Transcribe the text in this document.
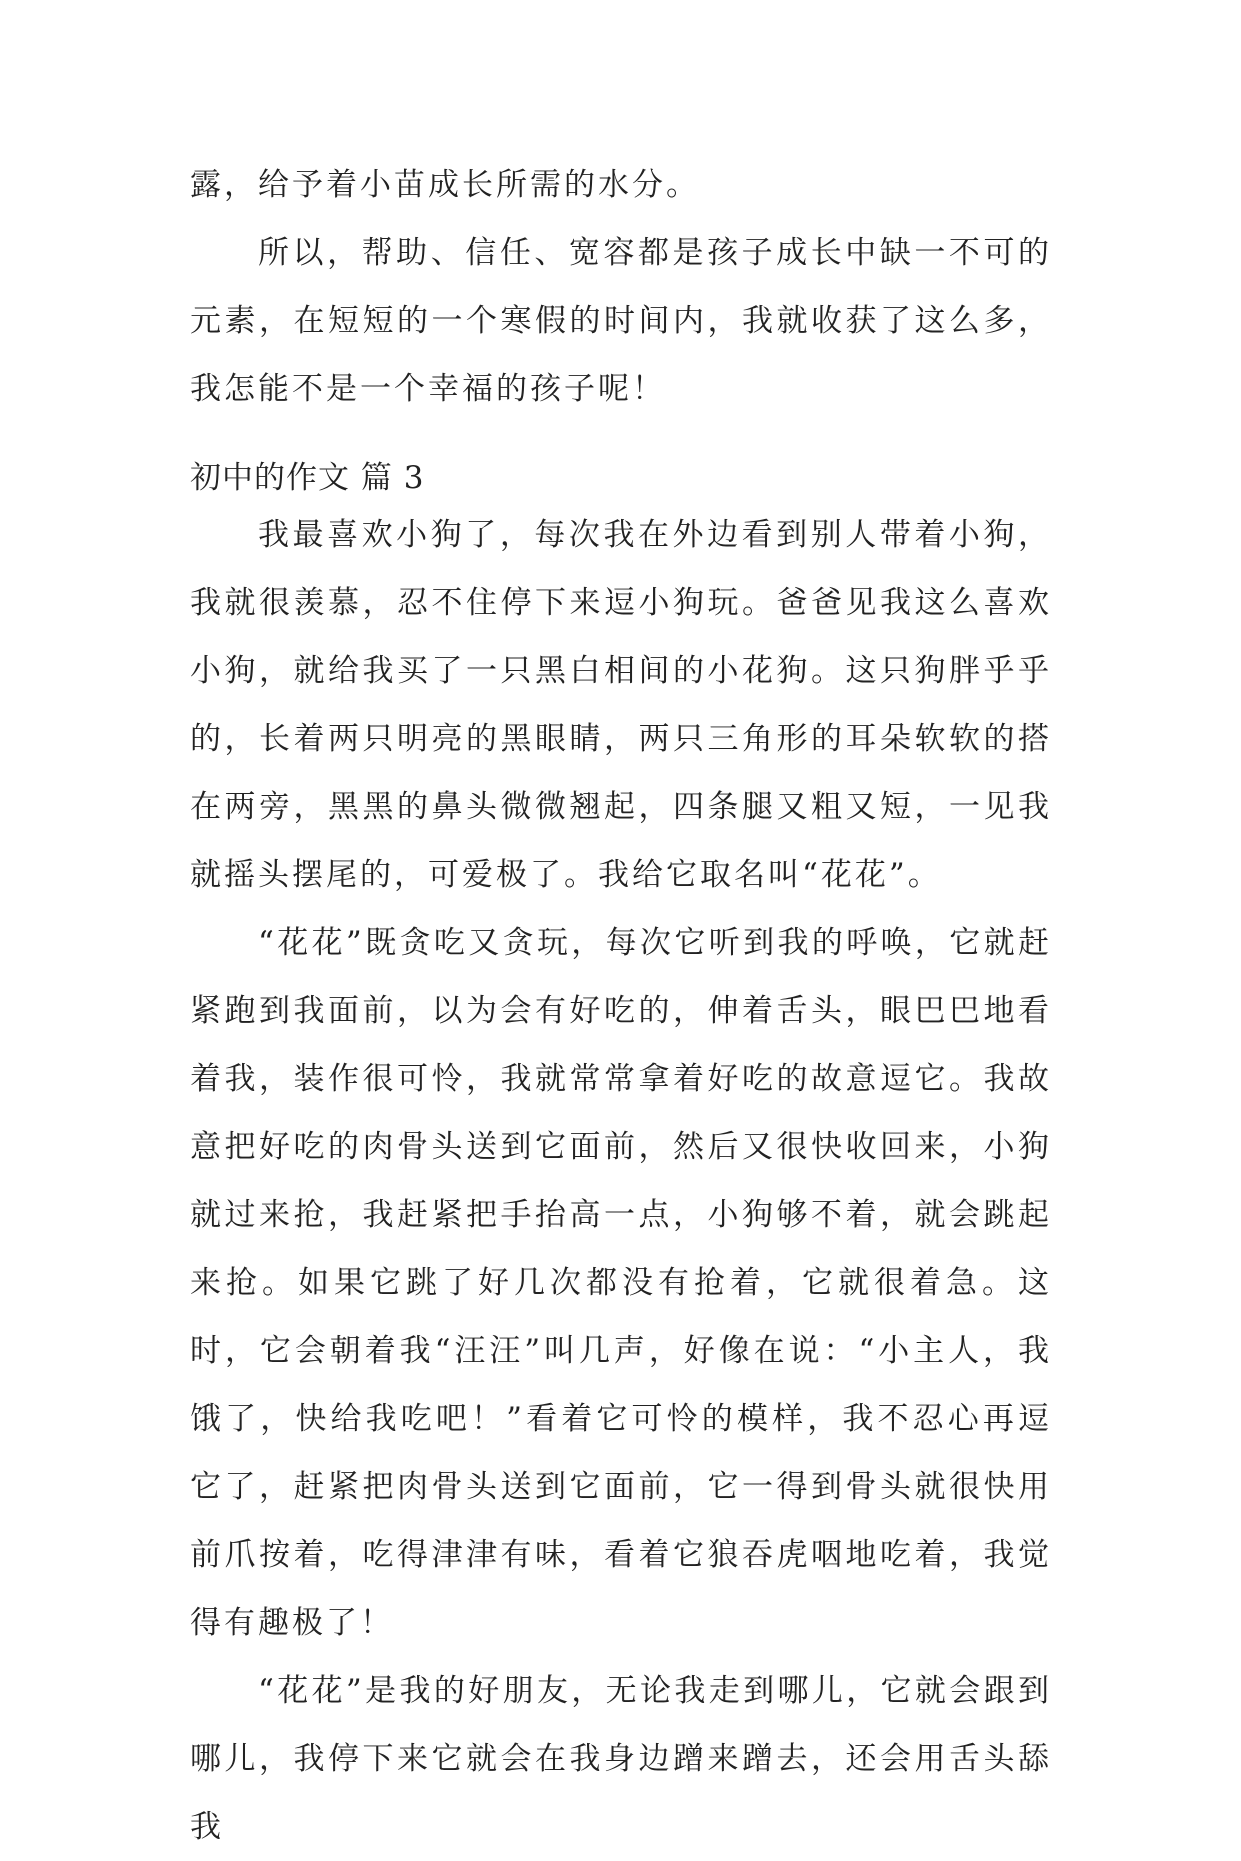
露，给予着小苗成长所需的水分。

所以，帮助、信任、宽容都是孩子成长中缺一不可的元素，在短短的一个寒假的时间内，我就收获了这么多，我怎能不是一个幸福的孩子呢！

初中的作文 篇 3

我最喜欢小狗了，每次我在外边看到别人带着小狗，我就很羡慕，忍不住停下来逗小狗玩。爸爸见我这么喜欢小狗，就给我买了一只黑白相间的小花狗。这只狗胖乎乎的，长着两只明亮的黑眼睛，两只三角形的耳朵软软的搭在两旁，黑黑的鼻头微微翘起，四条腿又粗又短，一见我就摇头摆尾的，可爱极了。我给它取名叫“花花”。

“花花”既贪吃又贪玩，每次它听到我的呼唤，它就赶紧跑到我面前，以为会有好吃的，伸着舌头，眼巴巴地看着我，装作很可怜，我就常常拿着好吃的故意逗它。我故意把好吃的肉骨头送到它面前，然后又很快收回来，小狗就过来抢，我赶紧把手抬高一点，小狗够不着，就会跳起来抢。如果它跳了好几次都没有抢着，它就很着急。这时，它会朝着我“汪汪”叫几声，好像在说：“小主人，我饿了，快给我吃吧！”看着它可怜的模样，我不忍心再逗它了，赶紧把肉骨头送到它面前，它一得到骨头就很快用前爪按着，吃得津津有味，看着它狼吞虎咽地吃着，我觉得有趣极了！

“花花”是我的好朋友，无论我走到哪儿，它就会跟到哪儿，我停下来它就会在我身边蹭来蹭去，还会用舌头舔我
